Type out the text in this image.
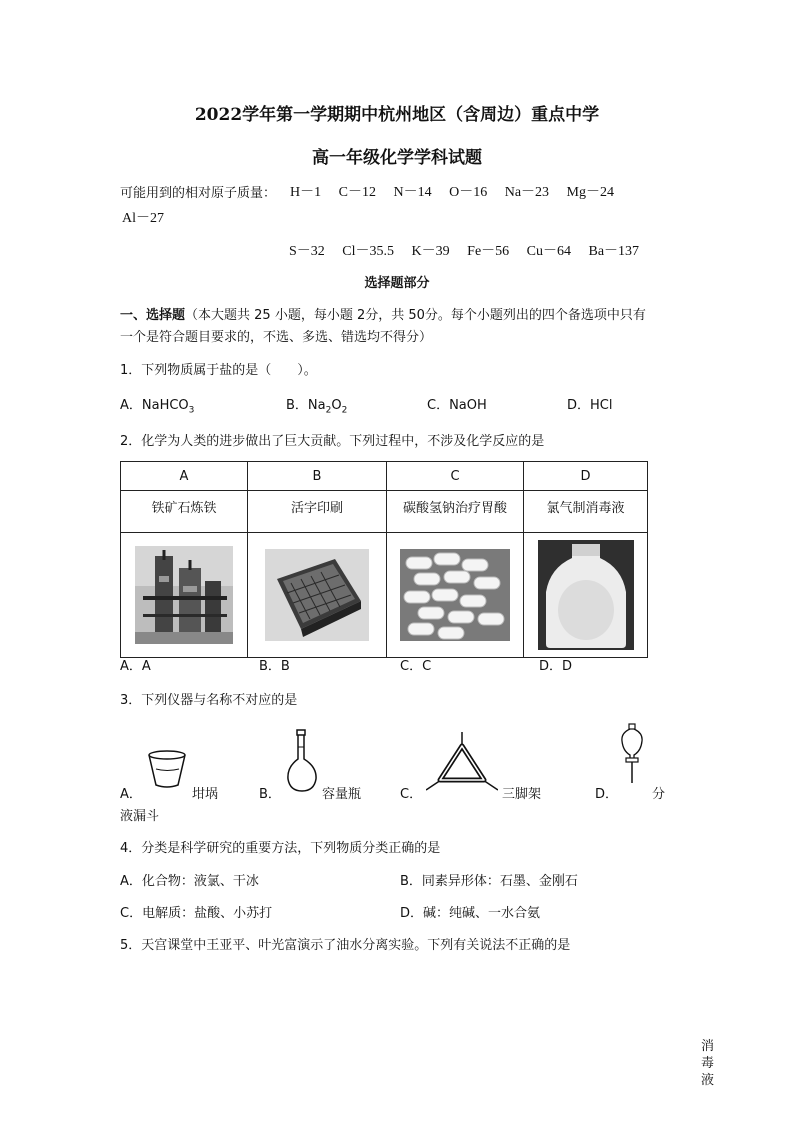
2022学年第一学期期中杭州地区（含周边）重点中学
高一年级化学学科试题
可能用到的相对原子质量： H－1 C－12 N－14 O－16 Na－23 Mg－24
Al－27
S－32 Cl－35.5 K－39 Fe－56 Cu－64 Ba－137
选择题部分
一、选择题（本大题共 25 小题，每小题 2分，共 50分。每个小题列出的四个备选项中只有
一个是符合题目要求的，不选、多选、错选均不得分）
1．下列物质属于盐的是（　　）。
A．NaHCO$_3$	B．$Na_2O_2$	C．NaOH	D．HCl
2．化学为人类的进步做出了巨大贡献。下列过程中，不涉及化学反应的是
A	B	C	D
铁矿石炼铁	活字印刷	碳酸氢钠治疗胃酸	氯气制消毒液

消
毒
液
A．A	B．B	C．C	D．D
3．下列仪器与名称不对应的是
A．	坩埚	B．	容量瓶	C．	三脚架	D．	分
液漏斗
4．分类是科学研究的重要方法，下列物质分类正确的是
A．化合物：液氯、干冰	B．同素异形体：石墨、金刚石
C．电解质：盐酸、小苏打	D．碱：纯碱、一水合氨
5．天宫课堂中王亚平、叶光富演示了油水分离实验。下列有关说法不正确的是
